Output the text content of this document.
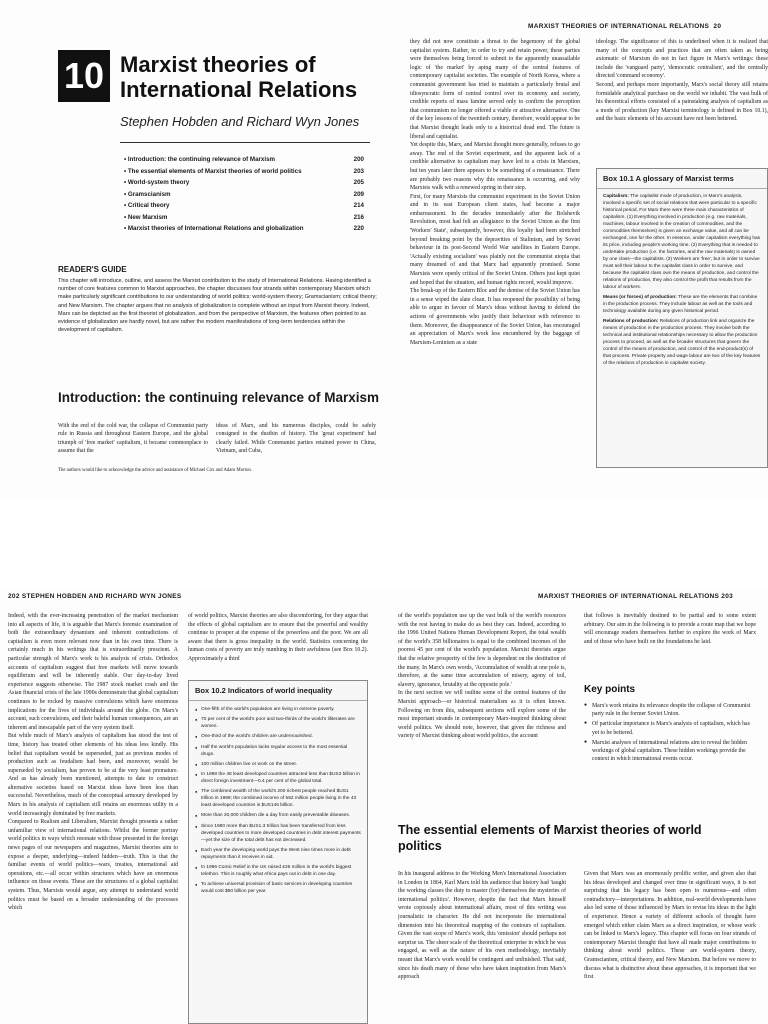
MARXIST THEORIES OF INTERNATIONAL RELATIONS 20
10 Marxist theories of International Relations
Stephen Hobden and Richard Wyn Jones
• Introduction: the continuing relevance of Marxism	200
• The essential elements of Marxist theories of world politics	203
• World-system theory	205
• Gramscianism	209
• Critical theory	214
• New Marxism	216
• Marxist theories of International Relations and globalization	220
READER'S GUIDE
This chapter will introduce, outline, and assess the Marxist contribution to the study of International Relations. Having identified a number of core features common to Marxist approaches, the chapter discusses four strands within contemporary Marxism which make particularly significant contributions to our understanding of world politics: world-system theory; Gramscianism; critical theory; and New Marxism. The chapter argues that no analysis of globalization is complete without an input from Marxist theory. Indeed, Marx can be depicted as the first theorist of globalization, and from the perspective of Marxism, the features often pointed to as evidence of globalization are hardly novel, but are rather the modern manifestations of long-term tendencies within the development of capitalism.
Introduction: the continuing relevance of Marxism
With the end of the cold war, the collapse of Communist party rule in Russia and throughout Eastern Europe, and the global triumph of 'free market' capitalism, it became commonplace to assume that the
ideas of Marx, and his numerous disciples, could be safely consigned to the dustbin of history. The 'great experiment' had clearly failed. While Communist parties retained power in China, Vietnam, and Cuba,
The authors would like to acknowledge the advice and assistance of Michael Cox and Adam Morton.
they did not now constitute a threat to the hegemony of the global capitalist system. Rather, in order to try and retain power, these parties were themselves being forced to submit to the apparently unassailable logic of 'the market' by aping many of the central features of contemporary capitalist societies. The example of North Korea, where a communist government has tried to maintain a particularly brutal and idiosyncratic form of central control over its economy and society, credible reports of mass famine served only to confirm the perception that communism no longer offered a viable or attractive alternative. One of the key lessons of the twentieth century, therefore, would appear to be that Marxist thought leads only to a historical dead end. The future is liberal and capitalist.
Yet despite this, Marx, and Marxist thought more generally, refuses to go away. The end of the Soviet experiment, and the apparent lack of a credible alternative to capitalism may have led to a crisis in Marxism, but ten years later there appears to be something of a renaissance. There are probably two reasons why this renaissance is occurring, and why Marxists walk with a renewed spring in their step.
First, for many Marxists the communist experiment in the Soviet Union and in its east European client states, had become a major embarrassment. In the decades immediately after the Bolshevik Revolution, most had felt an allegiance to the Soviet Union as the first 'Workers' State', subsequently, however, this loyalty had been stretched beyond breaking point by the depravities of Stalinism, and by Soviet behaviour in its post-Second World War satellites in Eastern Europe. 'Actually existing socialism' was plainly not the communist utopia that many dreamed of and that Marx had apparently promised. Some Marxists were openly critical of the Soviet Union. Others just kept quiet and hoped that the situation, and human rights record, would improve.
The break-up of the Eastern Bloc and the demise of the Soviet Union has in a sense wiped the slate clean. It has reopened the possibility of being able to argue in favour of Marx's ideas without having to defend the actions of governments who justify their behaviour with reference to them. Moreover, the disappearance of the Soviet Union, has encouraged an appreciation of Marx's work less encumbered by the baggage of Marxism-Leninism as a state
ideology. The significance of this is underlined when it is realized that many of the concepts and practices that are often taken as being axiomatic of Marxism do not in fact figure in Marx's writings: these include the 'vanguard party', 'democratic centralism', and the centrally directed 'command economy'.
Second, and perhaps more importantly, Marx's social theory still retains formidable analytical purchase on the world we inhabit. The vast bulk of his theoretical efforts consisted of a painstaking analysis of capitalism as a mode of production (key Marxist terminology is defined in Box 10.1), and the basic elements of his account have not been bettered.
Box 10.1 A glossary of Marxist terms

Capitalism: The capitalist mode of production, in Marx's analysis, involved a specific set of social relations that were particular to a specific historical period. For Marx there were three main characteristics of capitalism. (1) Everything involved in production (e.g. raw materials, machines, labour involved in the creation of commodities, and the commodities themselves) is given an exchange value, and all can be exchanged, one for the other. In essence, under capitalism everything has its price, including people's working time. (2) Everything that is needed to undertake production (i.e. the factories, and the raw materials) is owned by one class—the capitalists. (3) Workers are 'free', but in order to survive must sell their labour to the capitalist class in order to survive, and because the capitalist class own the means of production, and control the relations of production, they also control the profit that results from the labour of workers.

Means (or forces) of production: These are the elements that combine in the production process. They include labour as well as the tools and technology available during any given historical period.

Relations of production: Relations of production link and organize the means of production in the production process. They involve both the technical and institutional relationships necessary to allow the production process to proceed, as well as the broader structures that govern the control of the means of production, and control of the end-product(s) of that process. Private property and wage labour are two of the key features of the relations of production in capitalist society.

202 STEPHEN HOBDEN AND RICHARD WYN JONES	MARXIST THEORIES OF INTERNATIONAL RELATIONS 203
Indeed, with the ever-increasing penetration of the market mechanism into all aspects of life, it is arguable that Marx's forensic examination of both the extraordinary dynamism and inherent contradictions of capitalism is even more relevant now than in his own time. There is certainly much in his writings that is extraordinarily prescient. A particular strength of Marx's work is his analysis of crisis. Orthodox accounts of capitalism suggest that free markets will move towards equilibrium and will be inherently stable. Our day-to-day lived experience suggests otherwise. The 1987 stock market crash and the Asian financial crisis of the late 1990s demonstrate that global capitalism continues to be rocked by massive convulsions which have enormous implications for the lives of individuals around the globe. On Marx's account, such convulsions, and their baleful human consequences, are an inherent and inescapable part of the very system itself.
But while much of Marx's analysis of capitalism has stood the test of time, history has treated other elements of his ideas less kindly. His belief that capitalism would be superseded, just as previous modes of production such as feudalism had been, and moreover, would be superseded by socialism, has proven to be at the very least premature. And as has already been mentioned, attempts to date to construct alternative societies based on Marxist ideas have been less than successful. Nevertheless, much of the conceptual armoury developed by Marx in his analysis of capitalism still retains an enormous utility in a world increasingly dominated by free markets.
Compared to Realism and Liberalism, Marxist thought presents a rather unfamiliar view of international relations. Whilst the former portray world politics in ways which resonate with those presented in the foreign news pages of our newspapers and magazines, Marxist theories aim to expose a deeper, underlying—indeed hidden—truth. This is that the familiar events of world politics—wars, treaties, international aid operations, etc.—all occur within structures which have an enormous influence on those events. These are the structures of a global capitalist system. Thus, Marxists would argue, any attempt to understand world politics must be based on a broader understanding of the processes which
of world politics, Marxist theories are also discomforting, for they argue that the effects of global capitalism are to ensure that the powerful and wealthy continue to prosper at the expense of the powerless and the poor. We are all aware that there is gross inequality in the world. Statistics concerning the human costs of poverty are truly numbing in their awfulness (see Box 10.2). Approximately a third
Box 10.2 Indicators of world inequality
● One-fifth of the world's population are living in extreme poverty.
● 70 per cent of the world's poor and two-thirds of the world's illiterates are women.
● One-third of the world's children are undernourished.
● Half the world's population lacks regular access to the most essential drugs.
● 100 million children live or work on the street.
● In 1998 the 48 least developed countries attracted less than $US3 billion in direct foreign investment—0.4 per cent of the global total.
● The combined wealth of the world's 200 richest people reached $US1 trillion in 1999; the combined income of 582 million people living in the 43 least developed countries is $US146 billion.
● More than 30,000 children die a day from easily preventable diseases.
● Since 1980 more than $US1.3 trillion has been transferred from less developed countries to more developed countries in debt interest payments—yet the size of the total debt has not decreased.
● Each year the developing world pays the West nine times more in debt repayments than it receives in aid.
● In 1996 Comic Relief in the UK raised £26 million in the world's biggest telethon. This is roughly what Africa pays out in debt in one day.
● To achieve universal provision of basic services in developing countries would cost $80 billion per year.
of the world's population use up the vast bulk of the world's resources with the rest having to make do as best they can. Indeed, according to the 1996 United Nations Human Development Report, the total wealth of the world's 358 billionaires is equal to the combined incomes of the poorest 45 per cent of the world's population. Marxist theorists argue that the relative prosperity of the few is dependent on the destitution of the many. In Marx's own words, 'Accumulation of wealth at one pole is, therefore, at the same time accumulation of misery, agony of toil, slavery, ignorance, brutality at the opposite pole.'
In the next section we will outline some of the central features of the Marxist approach—or historical materialism as it is often known. Following on from this, subsequent sections will explore some of the most important strands in contemporary Marx-inspired thinking about world politics. We should note, however, that given the richness and variety of Marxist thinking about world politics, the account
that follows is inevitably destined to be partial and to some extent arbitrary. Our aim in the following is to provide a route map that we hope will encourage readers themselves further to explore the work of Marx and of those who have built on the foundations he laid.
Key points
● Marx's work retains its relevance despite the collapse of Communist party rule in the former Soviet Union.
● Of particular importance is Marx's analysis of capitalism, which has yet to be bettered.
● Marxist analyses of international relations aim to reveal the hidden workings of global capitalism. These hidden workings provide the context in which international events occur.
The essential elements of Marxist theories of world politics
In his inaugural address to the Working Men's International Association in London in 1864, Karl Marx told his audience that history had 'taught the working classes the duty to master (for) themselves the mysteries of international politics'. However, despite the fact that Marx himself wrote copiously about international affairs, most of this writing was journalistic in character. He did not incorporate the international dimension into his theoretical mapping of the contours of capitalism. Given the vast scope of Marx's work, this 'omission' should perhaps not surprise us. The sheer scale of the theoretical enterprise in which he was engaged, as well as the nature of his own methodology, inevitably meant that Marx's work would be contingent and unfinished. That said, since his death many of those who have taken inspiration from Marx's approach
Given that Marx was an enormously prolific writer, and given also that his ideas developed and changed over time in significant ways, it is not surprising that his legacy has been open to numerous—and often contradictory—interpretations. In addition, real-world developments have also led some of those influenced by Marx to revise his ideas in the light of experience. Hence a variety of different schools of thought have emerged which either claim Marx as a direct inspiration, or whose work can be linked to Marx's legacy. This chapter will focus on four strands of contemporary Marxist thought that have all made major contributions to thinking about world politics. These are world-system theory, Gramscianism, critical theory, and New Marxism. But before we move to discuss what is distinctive about these approaches, it is important that we first
